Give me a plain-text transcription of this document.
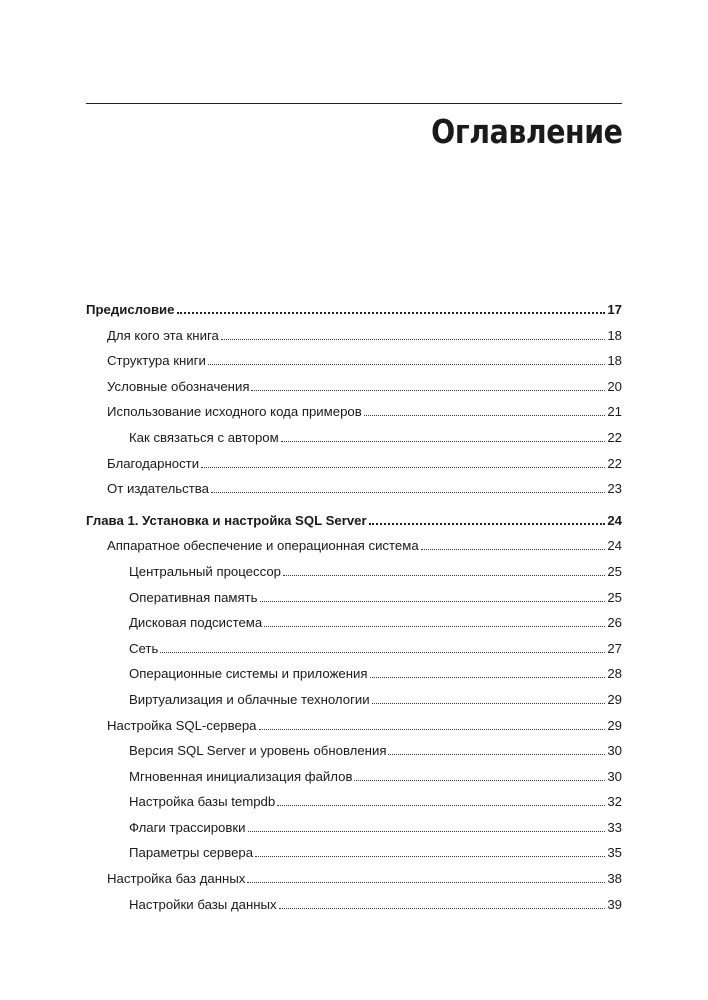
Оглавление
Предисловие	17
Для кого эта книга	18
Структура книги	18
Условные обозначения	20
Использование исходного кода примеров	21
Как связаться с автором	22
Благодарности	22
От издательства	23
Глава 1. Установка и настройка SQL Server	24
Аппаратное обеспечение и операционная система	24
Центральный процессор	25
Оперативная память	25
Дисковая подсистема	26
Сеть	27
Операционные системы и приложения	28
Виртуализация и облачные технологии	29
Настройка SQL-сервера	29
Версия SQL Server и уровень обновления	30
Мгновенная инициализация файлов	30
Настройка базы tempdb	32
Флаги трассировки	33
Параметры сервера	35
Настройка баз данных	38
Настройки базы данных	39
